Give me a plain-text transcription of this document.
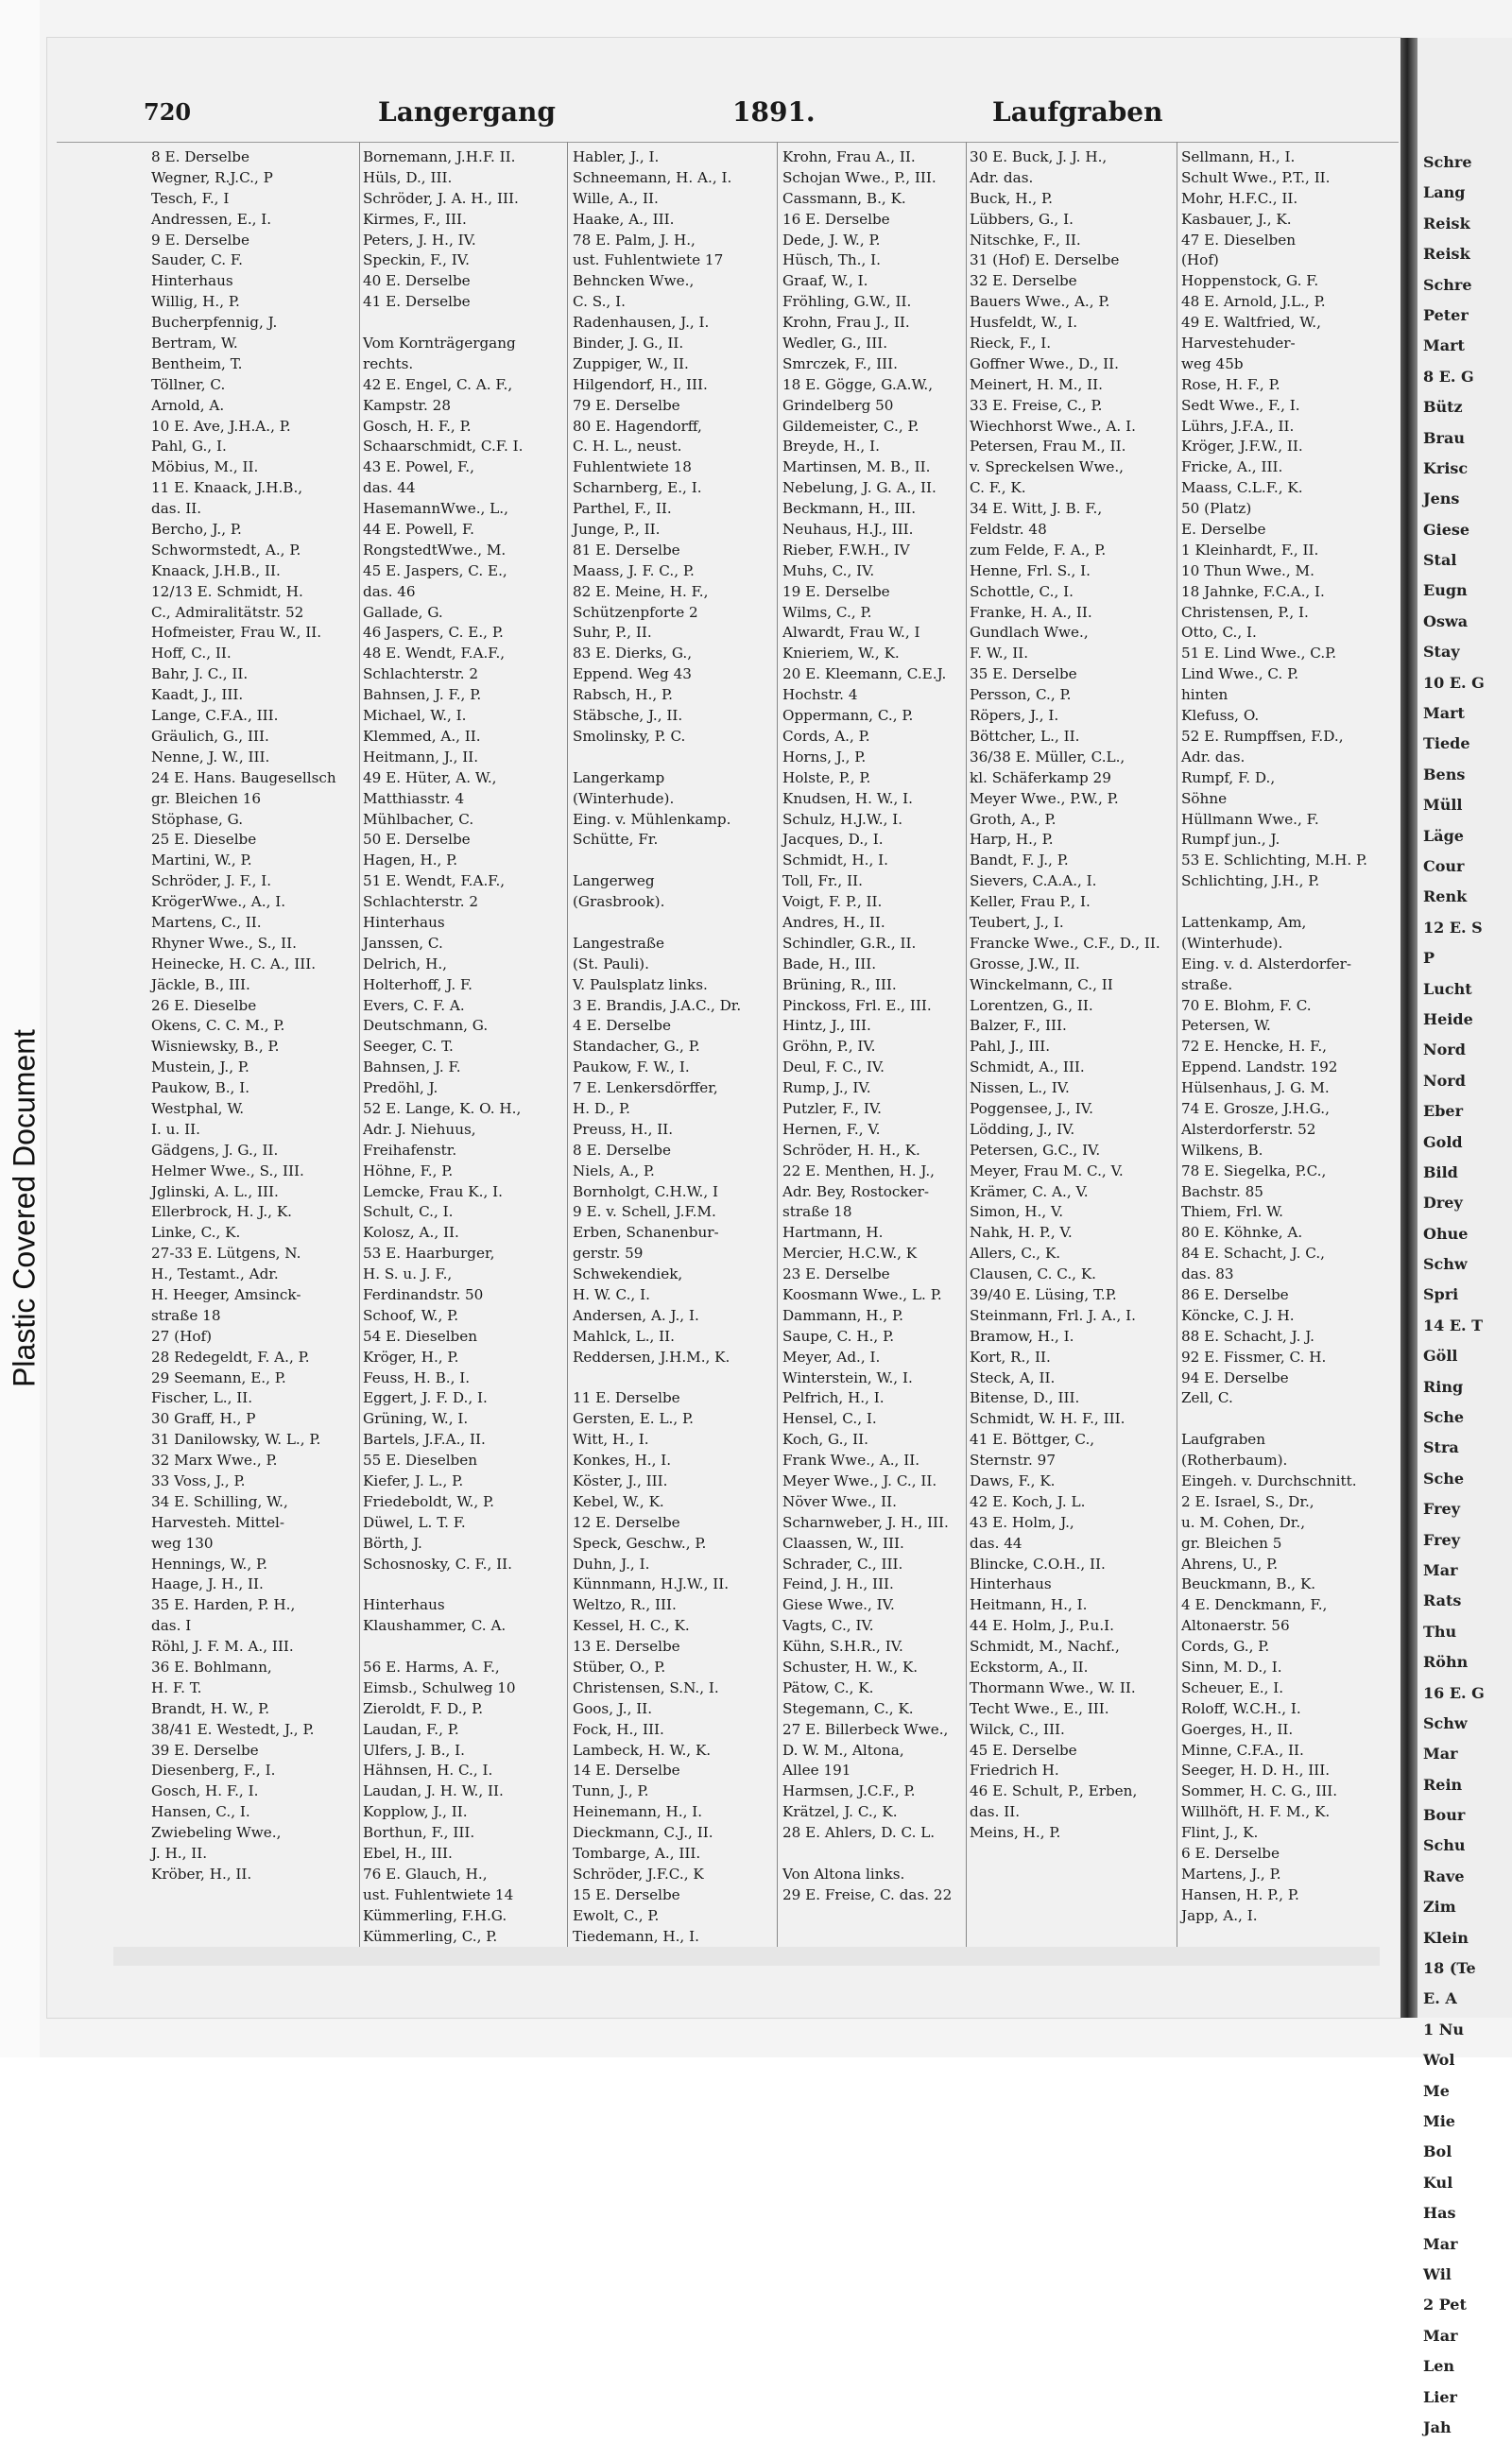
Plastic Covered Document
Schre
Lang
Reisk
Reisk
Schre
Peter
Mart
8 E. G
Bütz
Brau
Krisc
Jens
Giese
Stal
Eugn
Oswa
Stay
10 E. G
Mart
Tiede
Bens
Müll
Läge
Cour
Renk
12 E. S
P
Lucht
Heide
Nord
Nord
Eber
Gold
Bild
Drey
Ohue
Schw
Spri
14 E. T
Göll
Ring
Sche
Stra
Sche
Frey
Frey
Mar
Rats
Thu
Röhn
16 E. G
Schw
Mar
Rein
Bour
Schu
Rave
Zim
Klein
18 (Te
E. A
1 Nu
Wol
Me
Mie
Bol
Kul
Has
Mar
Wil
2 Pet
Mar
Len
Lier
Jah
720	Langergang	1891.	Laufgraben
8 E. Derselbe
Wegner, R.J.C., P
Tesch, F., I
Andressen, E., I.
9 E. Derselbe
Sauder, C. F.
Hinterhaus
Willig, H., P.
Bucherpfennig, J.
Bertram, W.
Bentheim, T.
Töllner, C.
Arnold, A.
10 E. Ave, J.H.A., P.
Pahl, G., I.
Möbius, M., II.
11 E. Knaack, J.H.B.,
das. II.
Bercho, J., P.
Schwormstedt, A., P.
Knaack, J.H.B., II.
12/13 E. Schmidt, H.
C., Admiralitätstr. 52
Hofmeister, Frau W., II.
Hoff, C., II.
Bahr, J. C., II.
Kaadt, J., III.
Lange, C.F.A., III.
Gräulich, G., III.
Nenne, J. W., III.
24 E. Hans. Baugesellsch
gr. Bleichen 16
Stöphase, G.
25 E. Dieselbe
Martini, W., P.
Schröder, J. F., I.
KrögerWwe., A., I.
Martens, C., II.
Rhyner Wwe., S., II.
Heinecke, H. C. A., III.
Jäckle, B., III.
26 E. Dieselbe
Okens, C. C. M., P.
Wisniewsky, B., P.
Mustein, J., P.
Paukow, B., I.
Westphal, W.
I. u. II.
Gädgens, J. G., II.
Helmer Wwe., S., III.
Jglinski, A. L., III.
Ellerbrock, H. J., K.
Linke, C., K.
27-33 E. Lütgens, N.
H., Testamt., Adr.
H. Heeger, Amsinck-
straße 18
27 (Hof)
28 Redegeldt, F. A., P.
29 Seemann, E., P.
Fischer, L., II.
30 Graff, H., P
31 Danilowsky, W. L., P.
32 Marx Wwe., P.
33 Voss, J., P.
34 E. Schilling, W.,
Harvesteh. Mittel-
weg 130
Hennings, W., P.
Haage, J. H., II.
35 E. Harden, P. H.,
das. I
Röhl, J. F. M. A., III.
36 E. Bohlmann,
H. F. T.
Brandt, H. W., P.
38/41 E. Westedt, J., P.
39 E. Derselbe
Diesenberg, F., I.
Gosch, H. F., I.
Hansen, C., I.
Zwiebeling Wwe.,
J. H., II.
Kröber, H., II.
Bornemann, J.H.F. II.
Hüls, D., III.
Schröder, J. A. H., III.
Kirmes, F., III.
Peters, J. H., IV.
Speckin, F., IV.
40 E. Derselbe
41 E. Derselbe
Vom Kornträgergang
rechts.
42 E. Engel, C. A. F.,
Kampstr. 28
Gosch, H. F., P.
Schaarschmidt, C.F. I.
43 E. Powel, F.,
das. 44
HasemannWwe., L.,
44 E. Powell, F.
RongstedtWwe., M.
45 E. Jaspers, C. E.,
das. 46
Gallade, G.
46 Jaspers, C. E., P.
48 E. Wendt, F.A.F.,
Schlachterstr. 2
Bahnsen, J. F., P.
Michael, W., I.
Klemmed, A., II.
Heitmann, J., II.
49 E. Hüter, A. W.,
Matthiasstr. 4
Mühlbacher, C.
50 E. Derselbe
Hagen, H., P.
51 E. Wendt, F.A.F.,
Schlachterstr. 2
Hinterhaus
Janssen, C.
Delrich, H.,
Holterhoff, J. F.
Evers, C. F. A.
Deutschmann, G.
Seeger, C. T.
Bahnsen, J. F.
Predöhl, J.
52 E. Lange, K. O. H.,
Adr. J. Niehuus,
Freihafenstr.
Höhne, F., P.
Lemcke, Frau K., I.
Schult, C., I.
Kolosz, A., II.
53 E. Haarburger,
H. S. u. J. F.,
Ferdinandstr. 50
Schoof, W., P.
54 E. Dieselben
Kröger, H., P.
Feuss, H. B., I.
Eggert, J. F. D., I.
Grüning, W., I.
Bartels, J.F.A., II.
55 E. Dieselben
Kiefer, J. L., P.
Friedeboldt, W., P.
Düwel, L. T. F.
Börth, J.
Schosnosky, C. F., II.
Hinterhaus
Klaushammer, C. A.
56 E. Harms, A. F.,
Eimsb., Schulweg 10
Zieroldt, F. D., P.
Laudan, F., P.
Ulfers, J. B., I.
Hähnsen, H. C., I.
Laudan, J. H. W., II.
Kopplow, J., II.
Borthun, F., III.
Ebel, H., III.
76 E. Glauch, H.,
ust. Fuhlentwiete 14
Kümmerling, F.H.G.
Kümmerling, C., P.
Habler, J., I.
Schneemann, H. A., I.
Wille, A., II.
Haake, A., III.
78 E. Palm, J. H.,
ust. Fuhlentwiete 17
Behncken Wwe.,
C. S., I.
Radenhausen, J., I.
Binder, J. G., II.
Zuppiger, W., II.
Hilgendorf, H., III.
79 E. Derselbe
80 E. Hagendorff,
C. H. L., neust.
Fuhlentwiete 18
Scharnberg, E., I.
Parthel, F., II.
Junge, P., II.
81 E. Derselbe
Maass, J. F. C., P.
82 E. Meine, H. F.,
Schützenpforte 2
Suhr, P., II.
83 E. Dierks, G.,
Eppend. Weg 43
Rabsch, H., P.
Stäbsche, J., II.
Smolinsky, P. C.
Langerkamp
(Winterhude).
Eing. v. Mühlenkamp.
Schütte, Fr.
Langerweg
(Grasbrook).
Langestraße
(St. Pauli).
V. Paulsplatz links.
3 E. Brandis, J.A.C., Dr.
4 E. Derselbe
Standacher, G., P.
Paukow, F. W., I.
7 E. Lenkersdörffer,
H. D., P.
Preuss, H., II.
8 E. Derselbe
Niels, A., P.
Bornholgt, C.H.W., I
9 E. v. Schell, J.F.M.
Erben, Schanenbur-
gerstr. 59
Schwekendiek,
H. W. C., I.
Andersen, A. J., I.
Mahlck, L., II.
Reddersen, J.H.M., K.
11 E. Derselbe
Gersten, E. L., P.
Witt, H., I.
Konkes, H., I.
Köster, J., III.
Kebel, W., K.
12 E. Derselbe
Speck, Geschw., P.
Duhn, J., I.
Künnmann, H.J.W., II.
Weltzo, R., III.
Kessel, H. C., K.
13 E. Derselbe
Stüber, O., P.
Christensen, S.N., I.
Goos, J., II.
Fock, H., III.
Lambeck, H. W., K.
14 E. Derselbe
Tunn, J., P.
Heinemann, H., I.
Dieckmann, C.J., II.
Tombarge, A., III.
Schröder, J.F.C., K
15 E. Derselbe
Ewolt, C., P.
Tiedemann, H., I.
Krohn, Frau A., II.
Schojan Wwe., P., III.
Cassmann, B., K.
16 E. Derselbe
Dede, J. W., P.
Hüsch, Th., I.
Graaf, W., I.
Fröhling, G.W., II.
Krohn, Frau J., II.
Wedler, G., III.
Smrczek, F., III.
18 E. Gögge, G.A.W.,
Grindelberg 50
Gildemeister, C., P.
Breyde, H., I.
Martinsen, M. B., II.
Nebelung, J. G. A., II.
Beckmann, H., III.
Neuhaus, H.J., III.
Rieber, F.W.H., IV
Muhs, C., IV.
19 E. Derselbe
Wilms, C., P.
Alwardt, Frau W., I
Knieriem, W., K.
20 E. Kleemann, C.E.J.
Hochstr. 4
Oppermann, C., P.
Cords, A., P.
Horns, J., P.
Holste, P., P.
Knudsen, H. W., I.
Schulz, H.J.W., I.
Jacques, D., I.
Schmidt, H., I.
Toll, Fr., II.
Voigt, F. P., II.
Andres, H., II.
Schindler, G.R., II.
Bade, H., III.
Brüning, R., III.
Pinckoss, Frl. E., III.
Hintz, J., III.
Gröhn, P., IV.
Deul, F. C., IV.
Rump, J., IV.
Putzler, F., IV.
Hernen, F., V.
Schröder, H. H., K.
22 E. Menthen, H. J.,
Adr. Bey, Rostocker-
straße 18
Hartmann, H.
Mercier, H.C.W., K
23 E. Derselbe
Koosmann Wwe., L. P.
Dammann, H., P.
Saupe, C. H., P.
Meyer, Ad., I.
Winterstein, W., I.
Pelfrich, H., I.
Hensel, C., I.
Koch, G., II.
Frank Wwe., A., II.
Meyer Wwe., J. C., II.
Növer Wwe., II.
Scharnweber, J. H., III.
Claassen, W., III.
Schrader, C., III.
Feind, J. H., III.
Giese Wwe., IV.
Vagts, C., IV.
Kühn, S.H.R., IV.
Schuster, H. W., K.
Pätow, C., K.
Stegemann, C., K.
27 E. Billerbeck Wwe.,
D. W. M., Altona,
Allee 191
Harmsen, J.C.F., P.
Krätzel, J. C., K.
28 E. Ahlers, D. C. L.
Von Altona links.
29 E. Freise, C. das. 22
30 E. Buck, J. J. H.,
Adr. das.
Buck, H., P.
Lübbers, G., I.
Nitschke, F., II.
31 (Hof) E. Derselbe
32 E. Derselbe
Bauers Wwe., A., P.
Husfeldt, W., I.
Rieck, F., I.
Goffner Wwe., D., II.
Meinert, H. M., II.
33 E. Freise, C., P.
Wiechhorst Wwe., A. I.
Petersen, Frau M., II.
v. Spreckelsen Wwe.,
C. F., K.
34 E. Witt, J. B. F.,
Feldstr. 48
zum Felde, F. A., P.
Henne, Frl. S., I.
Schottle, C., I.
Franke, H. A., II.
Gundlach Wwe.,
F. W., II.
35 E. Derselbe
Persson, C., P.
Röpers, J., I.
Böttcher, L., II.
36/38 E. Müller, C.L.,
kl. Schäferkamp 29
Meyer Wwe., P.W., P.
Groth, A., P.
Harp, H., P.
Bandt, F. J., P.
Sievers, C.A.A., I.
Keller, Frau P., I.
Teubert, J., I.
Francke Wwe., C.F., D., II.
Grosse, J.W., II.
Winckelmann, C., II
Lorentzen, G., II.
Balzer, F., III.
Pahl, J., III.
Schmidt, A., III.
Nissen, L., IV.
Poggensee, J., IV.
Lödding, J., IV.
Petersen, G.C., IV.
Meyer, Frau M. C., V.
Krämer, C. A., V.
Simon, H., V.
Nahk, H. P., V.
Allers, C., K.
Clausen, C. C., K.
39/40 E. Lüsing, T.P.
Steinmann, Frl. J. A., I.
Bramow, H., I.
Kort, R., II.
Steck, A, II.
Bitense, D., III.
Schmidt, W. H. F., III.
41 E. Böttger, C.,
Sternstr. 97
Daws, F., K.
42 E. Koch, J. L.
43 E. Holm, J.,
das. 44
Blincke, C.O.H., II.
Hinterhaus
Heitmann, H., I.
44 E. Holm, J., P.u.I.
Schmidt, M., Nachf.,
Eckstorm, A., II.
Thormann Wwe., W. II.
Techt Wwe., E., III.
Wilck, C., III.
45 E. Derselbe
Friedrich H.
46 E. Schult, P., Erben,
das. II.
Meins, H., P.
Sellmann, H., I.
Schult Wwe., P.T., II.
Mohr, H.F.C., II.
Kasbauer, J., K.
47 E. Dieselben
(Hof)
Hoppenstock, G. F.
48 E. Arnold, J.L., P.
49 E. Waltfried, W.,
Harvestehuder-
weg 45b
Rose, H. F., P.
Sedt Wwe., F., I.
Lührs, J.F.A., II.
Kröger, J.F.W., II.
Fricke, A., III.
Maass, C.L.F., K.
50 (Platz)
E. Derselbe
1 Kleinhardt, F., II.
10 Thun Wwe., M.
18 Jahnke, F.C.A., I.
Christensen, P., I.
Otto, C., I.
51 E. Lind Wwe., C.P.
Lind Wwe., C. P.
hinten
Klefuss, O.
52 E. Rumpffsen, F.D.,
Adr. das.
Rumpf, F. D.,
Söhne
Hüllmann Wwe., F.
Rumpf jun., J.
53 E. Schlichting, M.H. P.
Schlichting, J.H., P.
Lattenkamp, Am,
(Winterhude).
Eing. v. d. Alsterdorfer-
straße.
70 E. Blohm, F. C.
Petersen, W.
72 E. Hencke, H. F.,
Eppend. Landstr. 192
Hülsenhaus, J. G. M.
74 E. Grosze, J.H.G.,
Alsterdorferstr. 52
Wilkens, B.
78 E. Siegelka, P.C.,
Bachstr. 85
Thiem, Frl. W.
80 E. Köhnke, A.
84 E. Schacht, J. C.,
das. 83
86 E. Derselbe
Köncke, C. J. H.
88 E. Schacht, J. J.
92 E. Fissmer, C. H.
94 E. Derselbe
Zell, C.
Laufgraben
(Rotherbaum).
Eingeh. v. Durchschnitt.
2 E. Israel, S., Dr.,
u. M. Cohen, Dr.,
gr. Bleichen 5
Ahrens, U., P.
Beuckmann, B., K.
4 E. Denckmann, F.,
Altonaerstr. 56
Cords, G., P.
Sinn, M. D., I.
Scheuer, E., I.
Roloff, W.C.H., I.
Goerges, H., II.
Minne, C.F.A., II.
Seeger, H. D. H., III.
Sommer, H. C. G., III.
Willhöft, H. F. M., K.
Flint, J., K.
6 E. Derselbe
Martens, J., P.
Hansen, H. P., P.
Japp, A., I.
